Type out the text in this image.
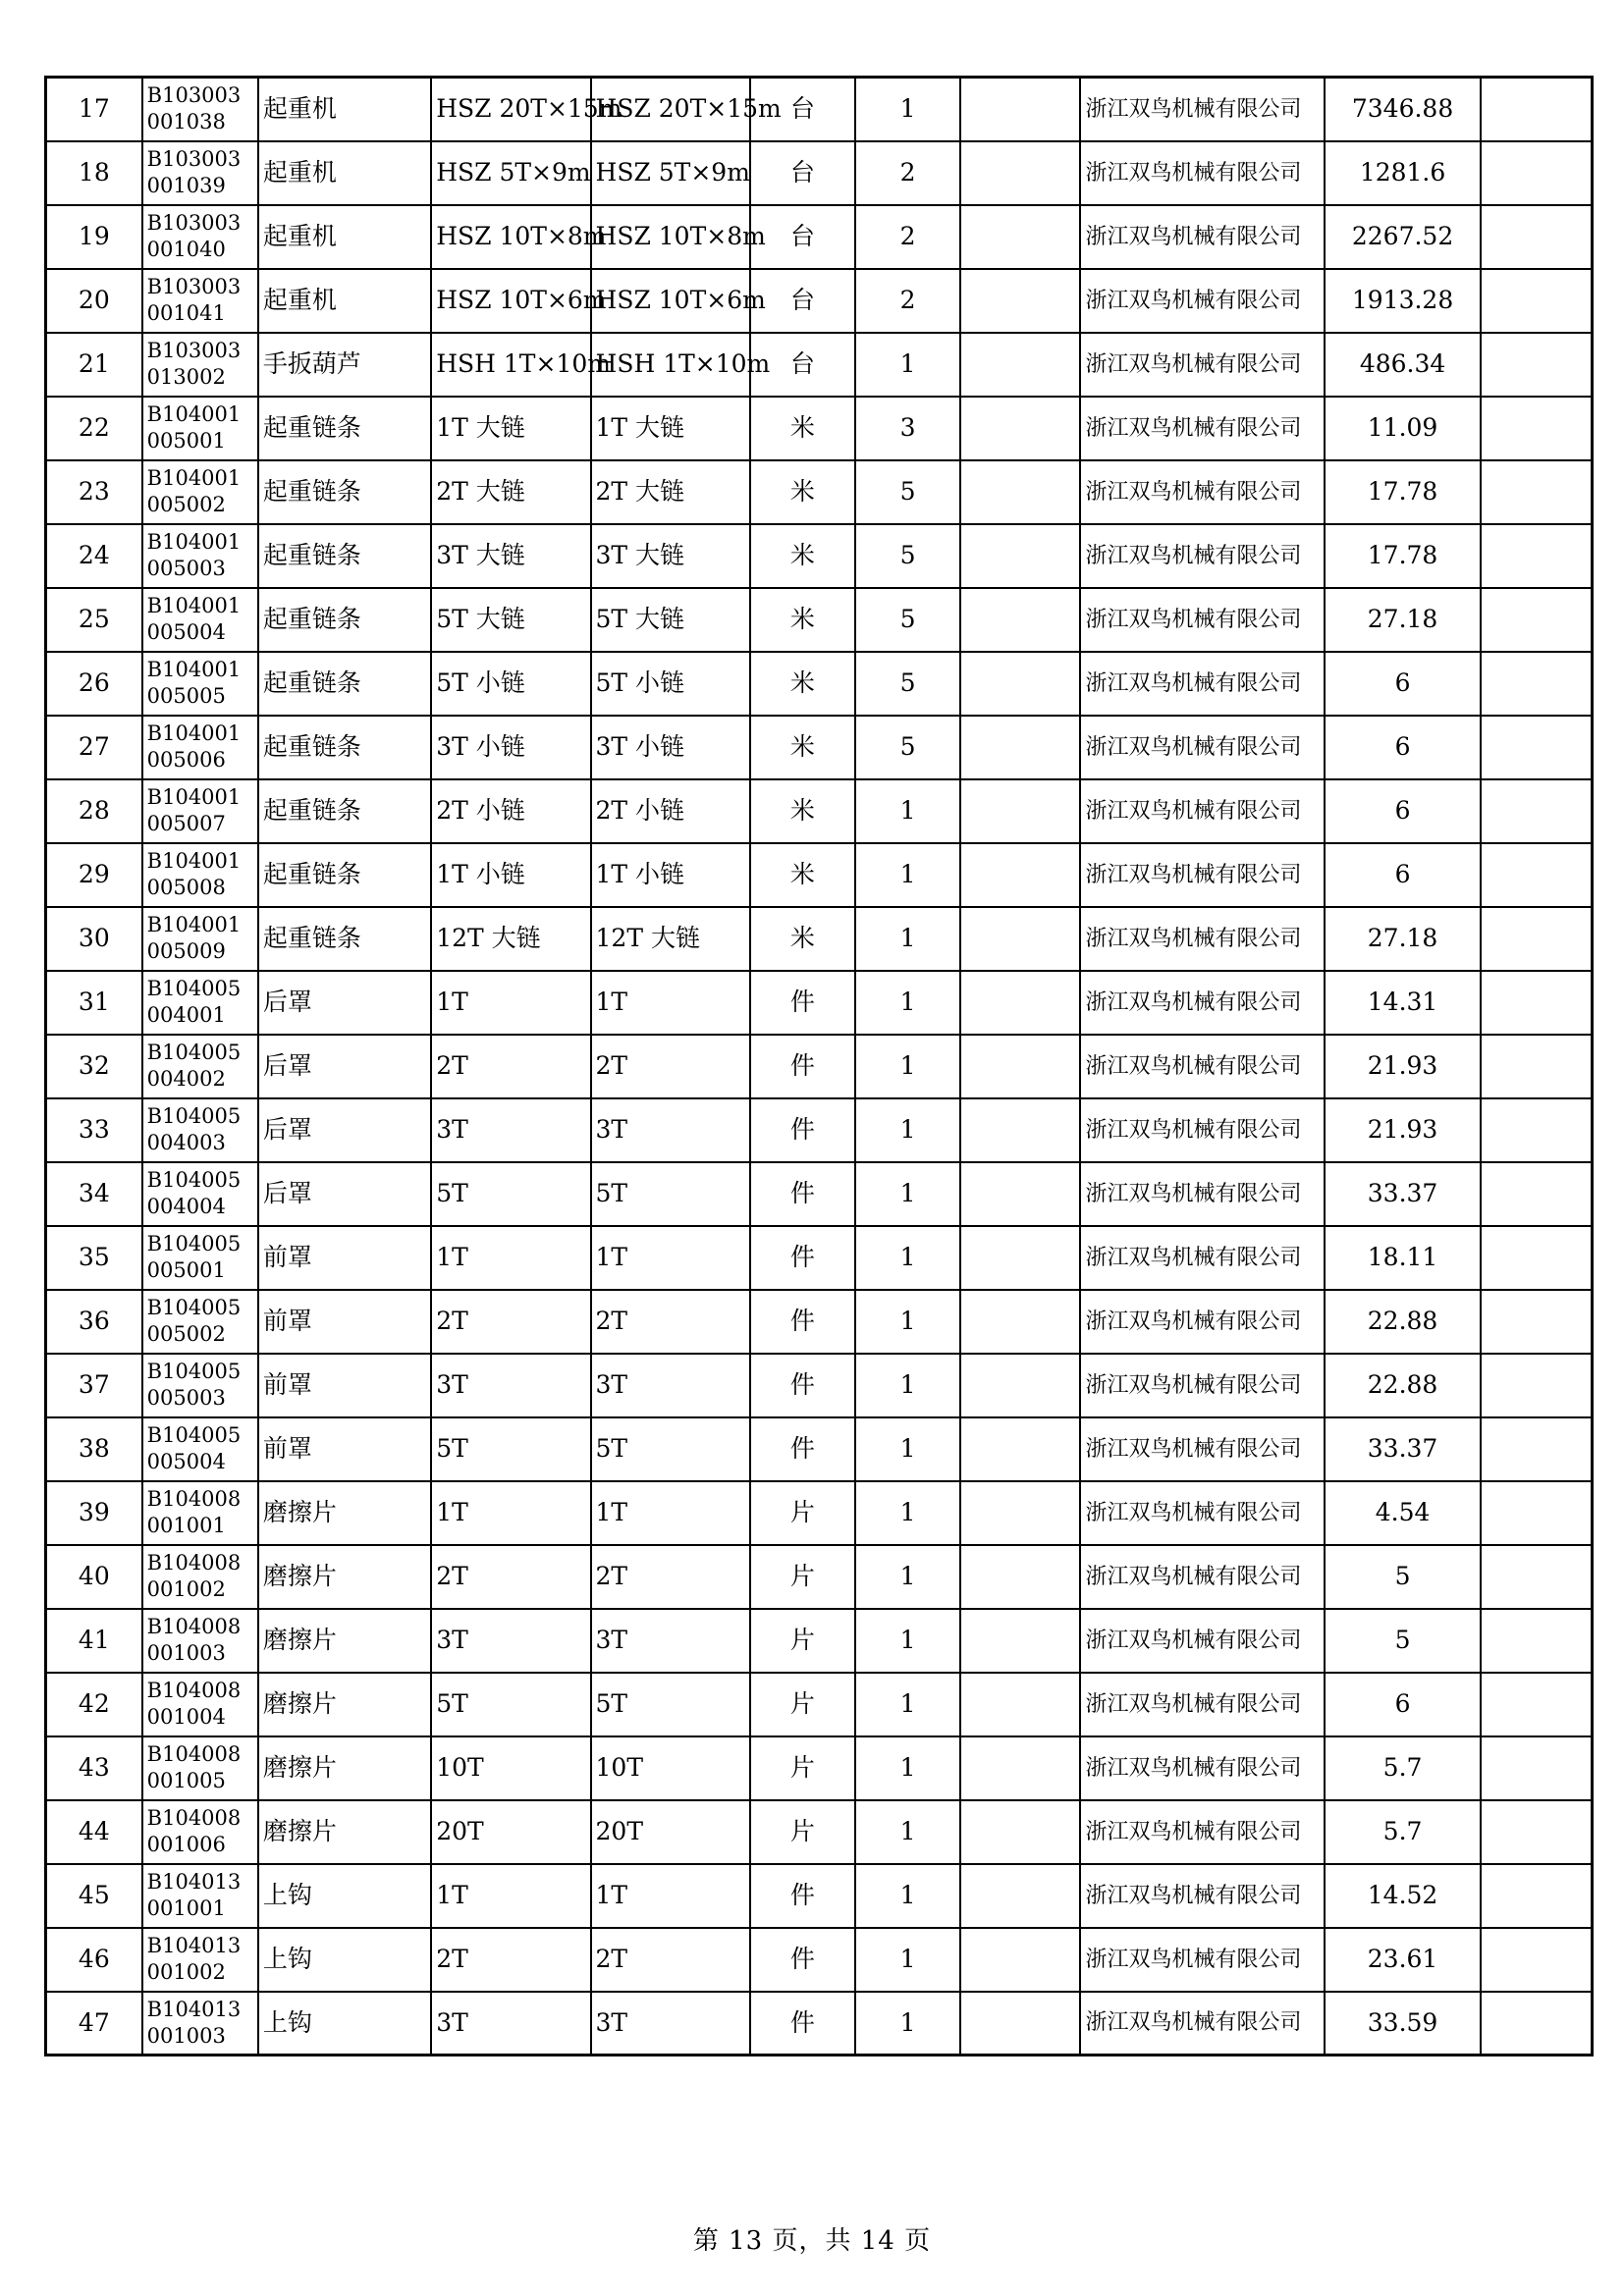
17	B103003001038	起重机	HSZ 20T×15m	HSZ 20T×15m	台	1		浙江双鸟机械有限公司	7346.88	
18	B103003001039	起重机	HSZ 5T×9m	HSZ 5T×9m	台	2		浙江双鸟机械有限公司	1281.6	
19	B103003001040	起重机	HSZ 10T×8m	HSZ 10T×8m	台	2		浙江双鸟机械有限公司	2267.52	
20	B103003001041	起重机	HSZ 10T×6m	HSZ 10T×6m	台	2		浙江双鸟机械有限公司	1913.28	
21	B103003013002	手扳葫芦	HSH 1T×10m	HSH 1T×10m	台	1		浙江双鸟机械有限公司	486.34	
22	B104001005001	起重链条	1T 大链	1T 大链	米	3		浙江双鸟机械有限公司	11.09	
23	B104001005002	起重链条	2T 大链	2T 大链	米	5		浙江双鸟机械有限公司	17.78	
24	B104001005003	起重链条	3T 大链	3T 大链	米	5		浙江双鸟机械有限公司	17.78	
25	B104001005004	起重链条	5T 大链	5T 大链	米	5		浙江双鸟机械有限公司	27.18	
26	B104001005005	起重链条	5T 小链	5T 小链	米	5		浙江双鸟机械有限公司	6	
27	B104001005006	起重链条	3T 小链	3T 小链	米	5		浙江双鸟机械有限公司	6	
28	B104001005007	起重链条	2T 小链	2T 小链	米	1		浙江双鸟机械有限公司	6	
29	B104001005008	起重链条	1T 小链	1T 小链	米	1		浙江双鸟机械有限公司	6	
30	B104001005009	起重链条	12T 大链	12T 大链	米	1		浙江双鸟机械有限公司	27.18	
31	B104005004001	后罩	1T	1T	件	1		浙江双鸟机械有限公司	14.31	
32	B104005004002	后罩	2T	2T	件	1		浙江双鸟机械有限公司	21.93	
33	B104005004003	后罩	3T	3T	件	1		浙江双鸟机械有限公司	21.93	
34	B104005004004	后罩	5T	5T	件	1		浙江双鸟机械有限公司	33.37	
35	B104005005001	前罩	1T	1T	件	1		浙江双鸟机械有限公司	18.11	
36	B104005005002	前罩	2T	2T	件	1		浙江双鸟机械有限公司	22.88	
37	B104005005003	前罩	3T	3T	件	1		浙江双鸟机械有限公司	22.88	
38	B104005005004	前罩	5T	5T	件	1		浙江双鸟机械有限公司	33.37	
39	B104008001001	磨擦片	1T	1T	片	1		浙江双鸟机械有限公司	4.54	
40	B104008001002	磨擦片	2T	2T	片	1		浙江双鸟机械有限公司	5	
41	B104008001003	磨擦片	3T	3T	片	1		浙江双鸟机械有限公司	5	
42	B104008001004	磨擦片	5T	5T	片	1		浙江双鸟机械有限公司	6	
43	B104008001005	磨擦片	10T	10T	片	1		浙江双鸟机械有限公司	5.7	
44	B104008001006	磨擦片	20T	20T	片	1		浙江双鸟机械有限公司	5.7	
45	B104013001001	上钩	1T	1T	件	1		浙江双鸟机械有限公司	14.52	
46	B104013001002	上钩	2T	2T	件	1		浙江双鸟机械有限公司	23.61	
47	B104013001003	上钩	3T	3T	件	1		浙江双鸟机械有限公司	33.59	
第 13 页，共 14 页
